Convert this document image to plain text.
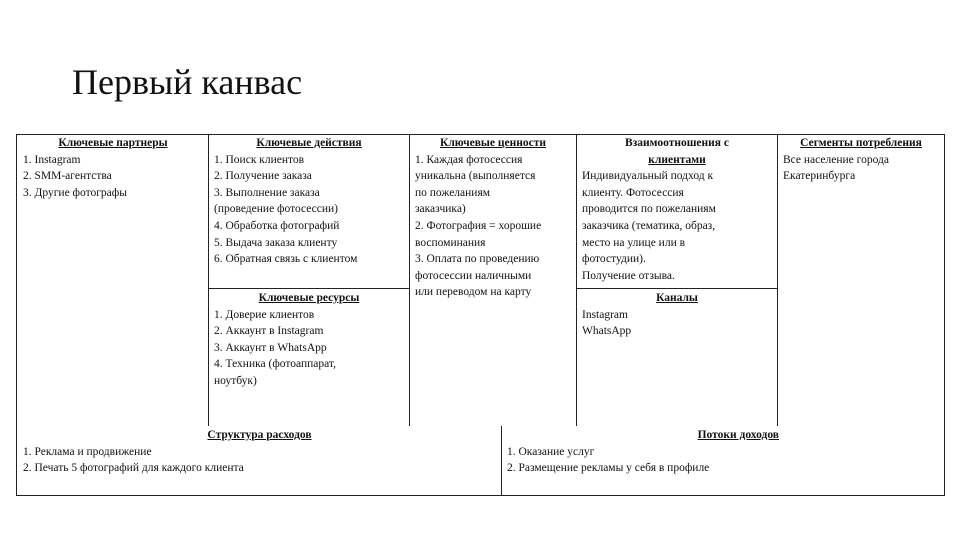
Первый канвас
Ключевые партнеры
1. Instagram
2. SMM-агентства
3. Другие фотографы
Ключевые действия
1. Поиск клиентов
2. Получение заказа
3. Выполнение заказа
(проведение фотосессии)
4. Обработка фотографий
5. Выдача заказа клиенту
6. Обратная связь с клиентом
Ключевые ресурсы
1. Доверие клиентов
2. Аккаунт в Instagram
3. Аккаунт в WhatsApp
4. Техника (фотоаппарат,
ноутбук)
Ключевые ценности
1. Каждая фотосессия
уникальна (выполняется
по пожеланиям
заказчика)
2. Фотография = хорошие
воспоминания
3. Оплата по проведению
фотосессии наличными
или переводом на карту
Взаимоотношения с
клиентами
Индивидуальный подход к
клиенту. Фотосессия
проводится по пожеланиям
заказчика (тематика, образ,
место на улице или в
фотостудии).
Получение отзыва.
Каналы
Instagram
WhatsApp
Сегменты потребления
Все население города
Екатеринбурга
Структура расходов
1. Реклама и продвижение
2. Печать 5 фотографий для каждого клиента
Потоки доходов
1. Оказание услуг
2. Размещение рекламы у себя в профиле
